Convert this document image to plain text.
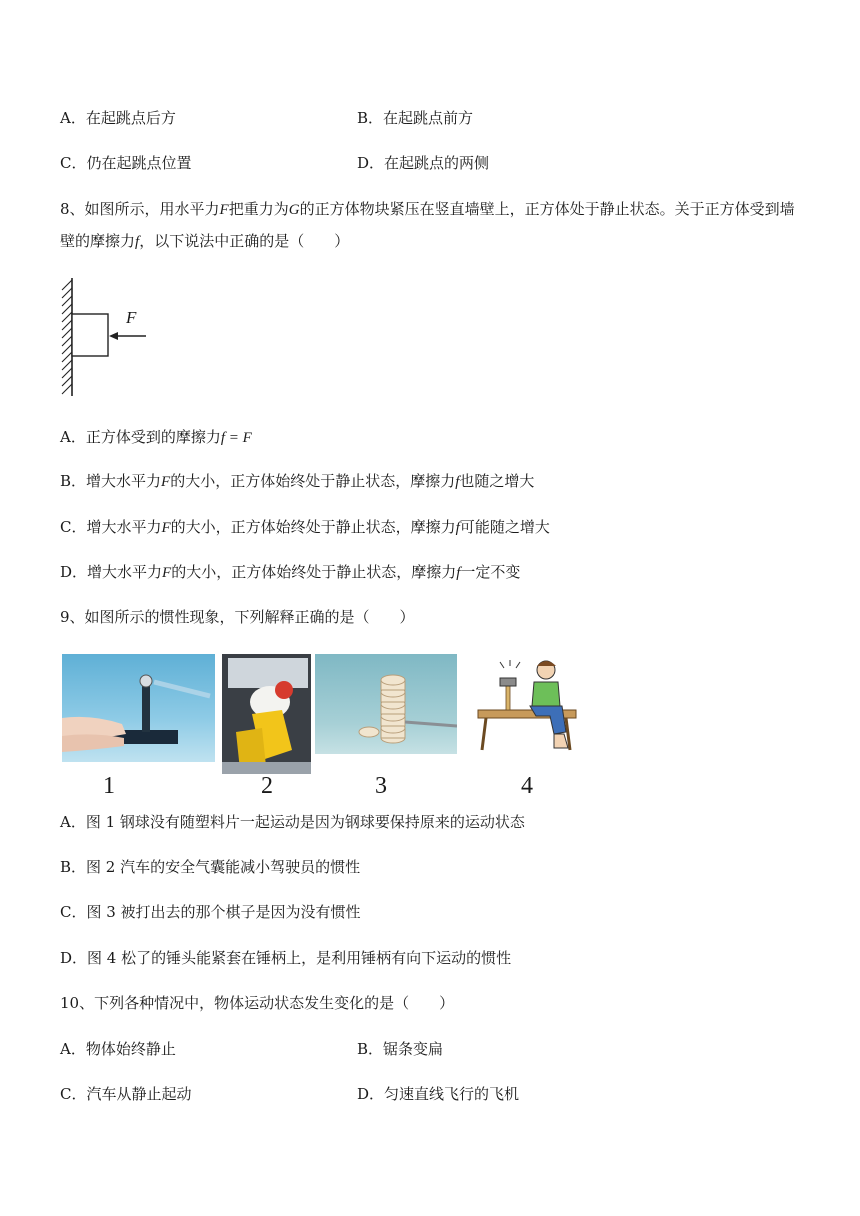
A．在起跳点后方	B．在起跳点前方
C．仍在起跳点位置	D．在起跳点的两侧
8、如图所示，用水平力F把重力为G的正方体物块紧压在竖直墙壁上，正方体处于静止状态。关于正方体受到墙壁的摩擦力f，以下说法中正确的是（　　）
F
A．正方体受到的摩擦力f = F
B．增大水平力F的大小，正方体始终处于静止状态，摩擦力f也随之增大
C．增大水平力F的大小，正方体始终处于静止状态，摩擦力f可能随之增大
D．增大水平力F的大小，正方体始终处于静止状态，摩擦力f一定不变
9、如图所示的惯性现象，下列解释正确的是（　　）
1	2	3	4
A．图 1 钢球没有随塑料片一起运动是因为钢球要保持原来的运动状态
B．图 2 汽车的安全气囊能减小驾驶员的惯性
C．图 3 被打出去的那个棋子是因为没有惯性
D．图 4 松了的锤头能紧套在锤柄上，是利用锤柄有向下运动的惯性
10、下列各种情况中，物体运动状态发生变化的是（　　）
A．物体始终静止	B．锯条变扁
C．汽车从静止起动	D．匀速直线飞行的飞机
